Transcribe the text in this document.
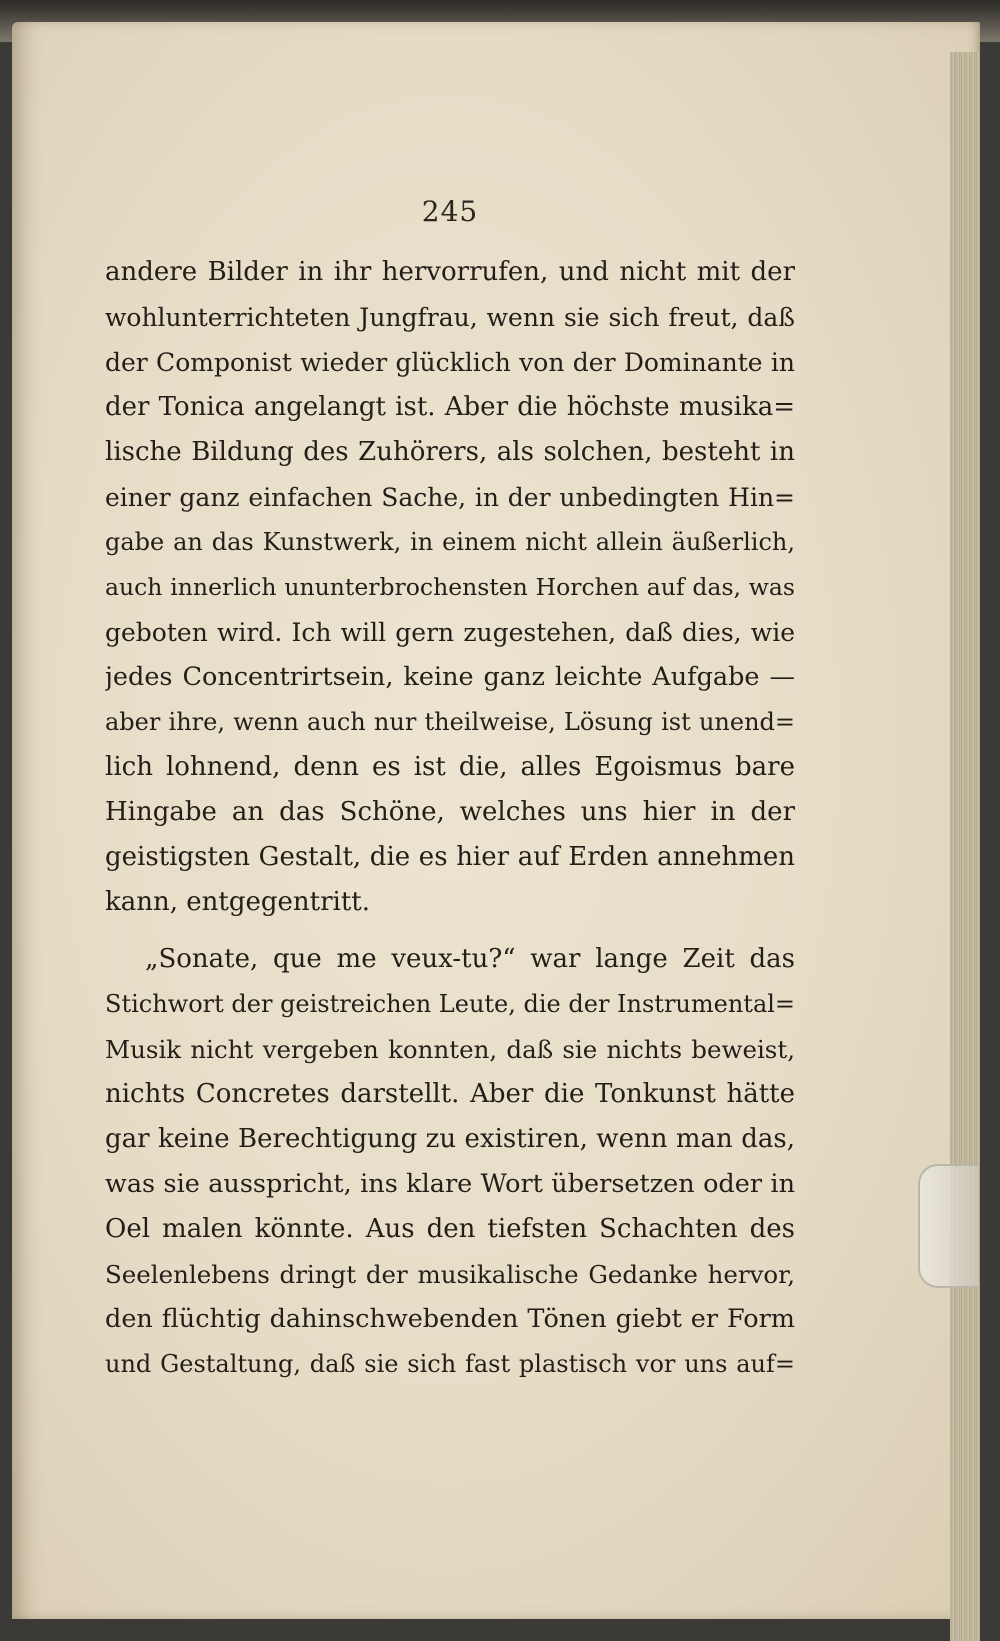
245
andere Bilder in ihr hervorrufen, und nicht mit der
wohlunterrichteten Jungfrau, wenn sie sich freut, daß
der Componist wieder glücklich von der Dominante in
der Tonica angelangt ist. Aber die höchste musika=
lische Bildung des Zuhörers, als solchen, besteht in
einer ganz einfachen Sache, in der unbedingten Hin=
gabe an das Kunstwerk, in einem nicht allein äußerlich,
auch innerlich ununterbrochensten Horchen auf das, was
geboten wird. Ich will gern zugestehen, daß dies, wie
jedes Concentrirtsein, keine ganz leichte Aufgabe —
aber ihre, wenn auch nur theilweise, Lösung ist unend=
lich lohnend, denn es ist die, alles Egoismus bare
Hingabe an das Schöne, welches uns hier in der
geistigsten Gestalt, die es hier auf Erden annehmen
kann, entgegentritt.
„Sonate, que me veux-tu?“ war lange Zeit das
Stichwort der geistreichen Leute, die der Instrumental=
Musik nicht vergeben konnten, daß sie nichts beweist,
nichts Concretes darstellt. Aber die Tonkunst hätte
gar keine Berechtigung zu existiren, wenn man das,
was sie ausspricht, ins klare Wort übersetzen oder in
Oel malen könnte. Aus den tiefsten Schachten des
Seelenlebens dringt der musikalische Gedanke hervor,
den flüchtig dahinschwebenden Tönen giebt er Form
und Gestaltung, daß sie sich fast plastisch vor uns auf=
